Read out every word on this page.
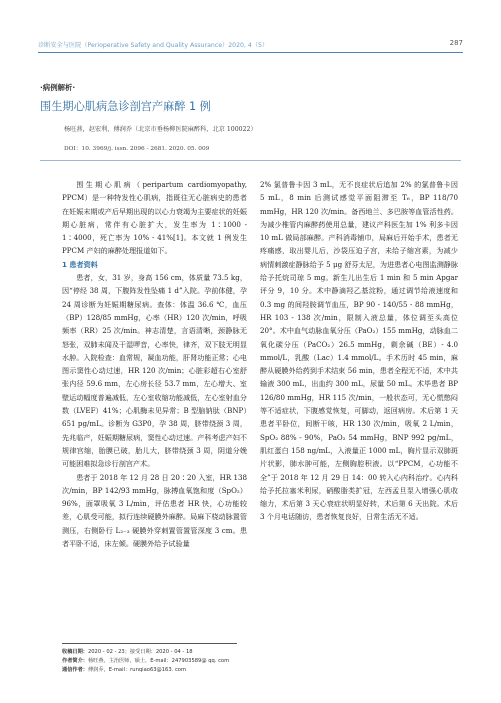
诊断安全与医院（Perioperative Safety and Quality Assurance）2020, 4（5）	287
·病例解析·
围生期心肌病急诊剖宫产麻醉 1 例
杨旺燕，赵宏利，傅润乔（北京市垂杨柳医院麻醉科，北京 100022）
DOI：10. 3969/j. issn. 2096 - 2681. 2020. 05. 009

围生期心肌病（peripartum cardiomyopathy, PPCM）是一种特发性心肌病，指既往无心脏病史的患者在妊娠末期或产后早期出现的以心力衰竭为主要症状的妊娠期心脏病，常伴有心脏扩大，发生率为 1∶1000 - 1∶4000，死亡率为 10% - 41%[1]。本文就 1 例发生 PPCM 产妇的麻醉处理报道如下。

1 患者资料

患者，女，31 岁，身高 156 cm，体质量 73.5 kg，因“停经 38 周，下腹阵发性坠痛 1 d”入院。孕前体健，孕 24 周诊断为妊娠期糖尿病。查体：体温 36.6 ℃，血压（BP）128/85 mmHg，心率（HR）120 次/min，呼吸频率（RR）25 次/min。神志清楚，言语清晰，颈静脉无怒张，双肺未闻及干湿啰音，心率快，律齐，双下肢无明显水肿。入院检查：血常规，凝血功能，肝肾功能正常；心电图示窦性心动过速，HR 120 次/min；心脏彩超右心室舒张内径 59.6 mm，左心房长径 53.7 mm，左心增大、室壁运动幅度普遍减低，左心室收缩功能减低，左心室射血分数（LVEF）41%；心肌酶未见异常；B 型脑钠肽（BNP）651 pg/mL。诊断为 G3P0，孕 38 周，脐带绕颈 3 周，先兆临产，妊娠期糖尿病，窦性心动过速。产科考虑产妇不规律宫缩，胎膜已破，胎儿大，脐带绕颈 3 周，阴道分娩可能困难拟急诊行剖宫产术。

患者于 2018 年 12 月 28 日 20∶20 入室，HR 138 次/min，BP 142/93 mmHg，脉搏血氧饱和度（SpO₂）96%，面罩吸氧 3 L/min，评估患者 HR 快，心功能较差，心肌受可能，拟行连续硬膜外麻醉。局麻下桡动脉置管测压，右侧卧行 L₂₋₃ 硬膜外穿刺置管置管深度 3 cm。患者平卧不适，床左倾。硬膜外给予试验量

2% 氯普鲁卡因 3 mL，无不良症状后追加 2% 的氯普鲁卡因 5 mL，8 min 后测试感觉平面阻滞至 T₆，BP 118/70 mmHg，HR 120 次/min。备西地兰、多巴胺等血管活性药。为减少椎管内麻醉药使用总量，建议产科医生加 1% 利多卡因 10 mL 做局部麻醉。产科消毒铺巾，局麻后开始手术，患者无疼痛感，取出婴儿后，沙袋压迫子宫，未给子缩宫素，为减少病情刺激症静脉给予 5 μg 舒芬太尼，为进患者心电图监测静脉给予托烷司琼 5 mg。新生儿出生后 1 min 和 5 min Apgar 评分 9，10 分。术中静滴羟乙基淀粉，通过调节给液速度和 0.3 mg 的间羟胺调节血压，BP 90 - 140/55 - 88 mmHg，HR 103 - 138 次/min，限制入液总量，体位调至头高位 20°。术中血气动脉血氧分压（PaO₂）155 mmHg，动脉血二氧化碳分压（PaCO₂）26.5 mmHg，剩余碱（BE）- 4.0 mmol/L，乳酸（Lac）1.4 mmol/L。手术历时 45 min，麻醉从硬膜外给药到手术结束 56 min，患者全程无不适，术中共输液 300 mL，出血约 300 mL，尿量 50 mL。术毕患者 BP 126/80 mmHg，HR 115 次/min，一般状态可，无心慌憋闷等不适症状，下腹感觉恢复，可脚动，返回病房。术后第 1 天患者平卧位，间断干咳，HR 130 次/min，吸氧 2 L/min，SpO₂ 88% - 90%，PaO₂ 54 mmHg，BNP 992 pg/mL，肌红蛋白 158 ng/mL，入液量正 1000 mL，胸片显示双肺斑片状影，肺水肿可能，左侧胸腔积液。以“PPCM，心功能不全”于 2018 年 12 月 29 日 14：00 转入心内科治疗。心内科给予托拉塞米利尿，硝酸脂类扩冠，左西孟旦泵入增强心肌收缩力，术后第 3 天心衰症状明显好转，术后第 6 天出院。术后 3 个月电话随访，患者恢复良好，日常生活无不适。

收稿日期：2020 - 02 - 23；接受日期：2020 - 04 - 18
作者简介：杨旺燕，主治医师，硕士，E-mail：247903589@ qq. com
通信作者：傅润乔，E-mail：runqiao63@163. com
